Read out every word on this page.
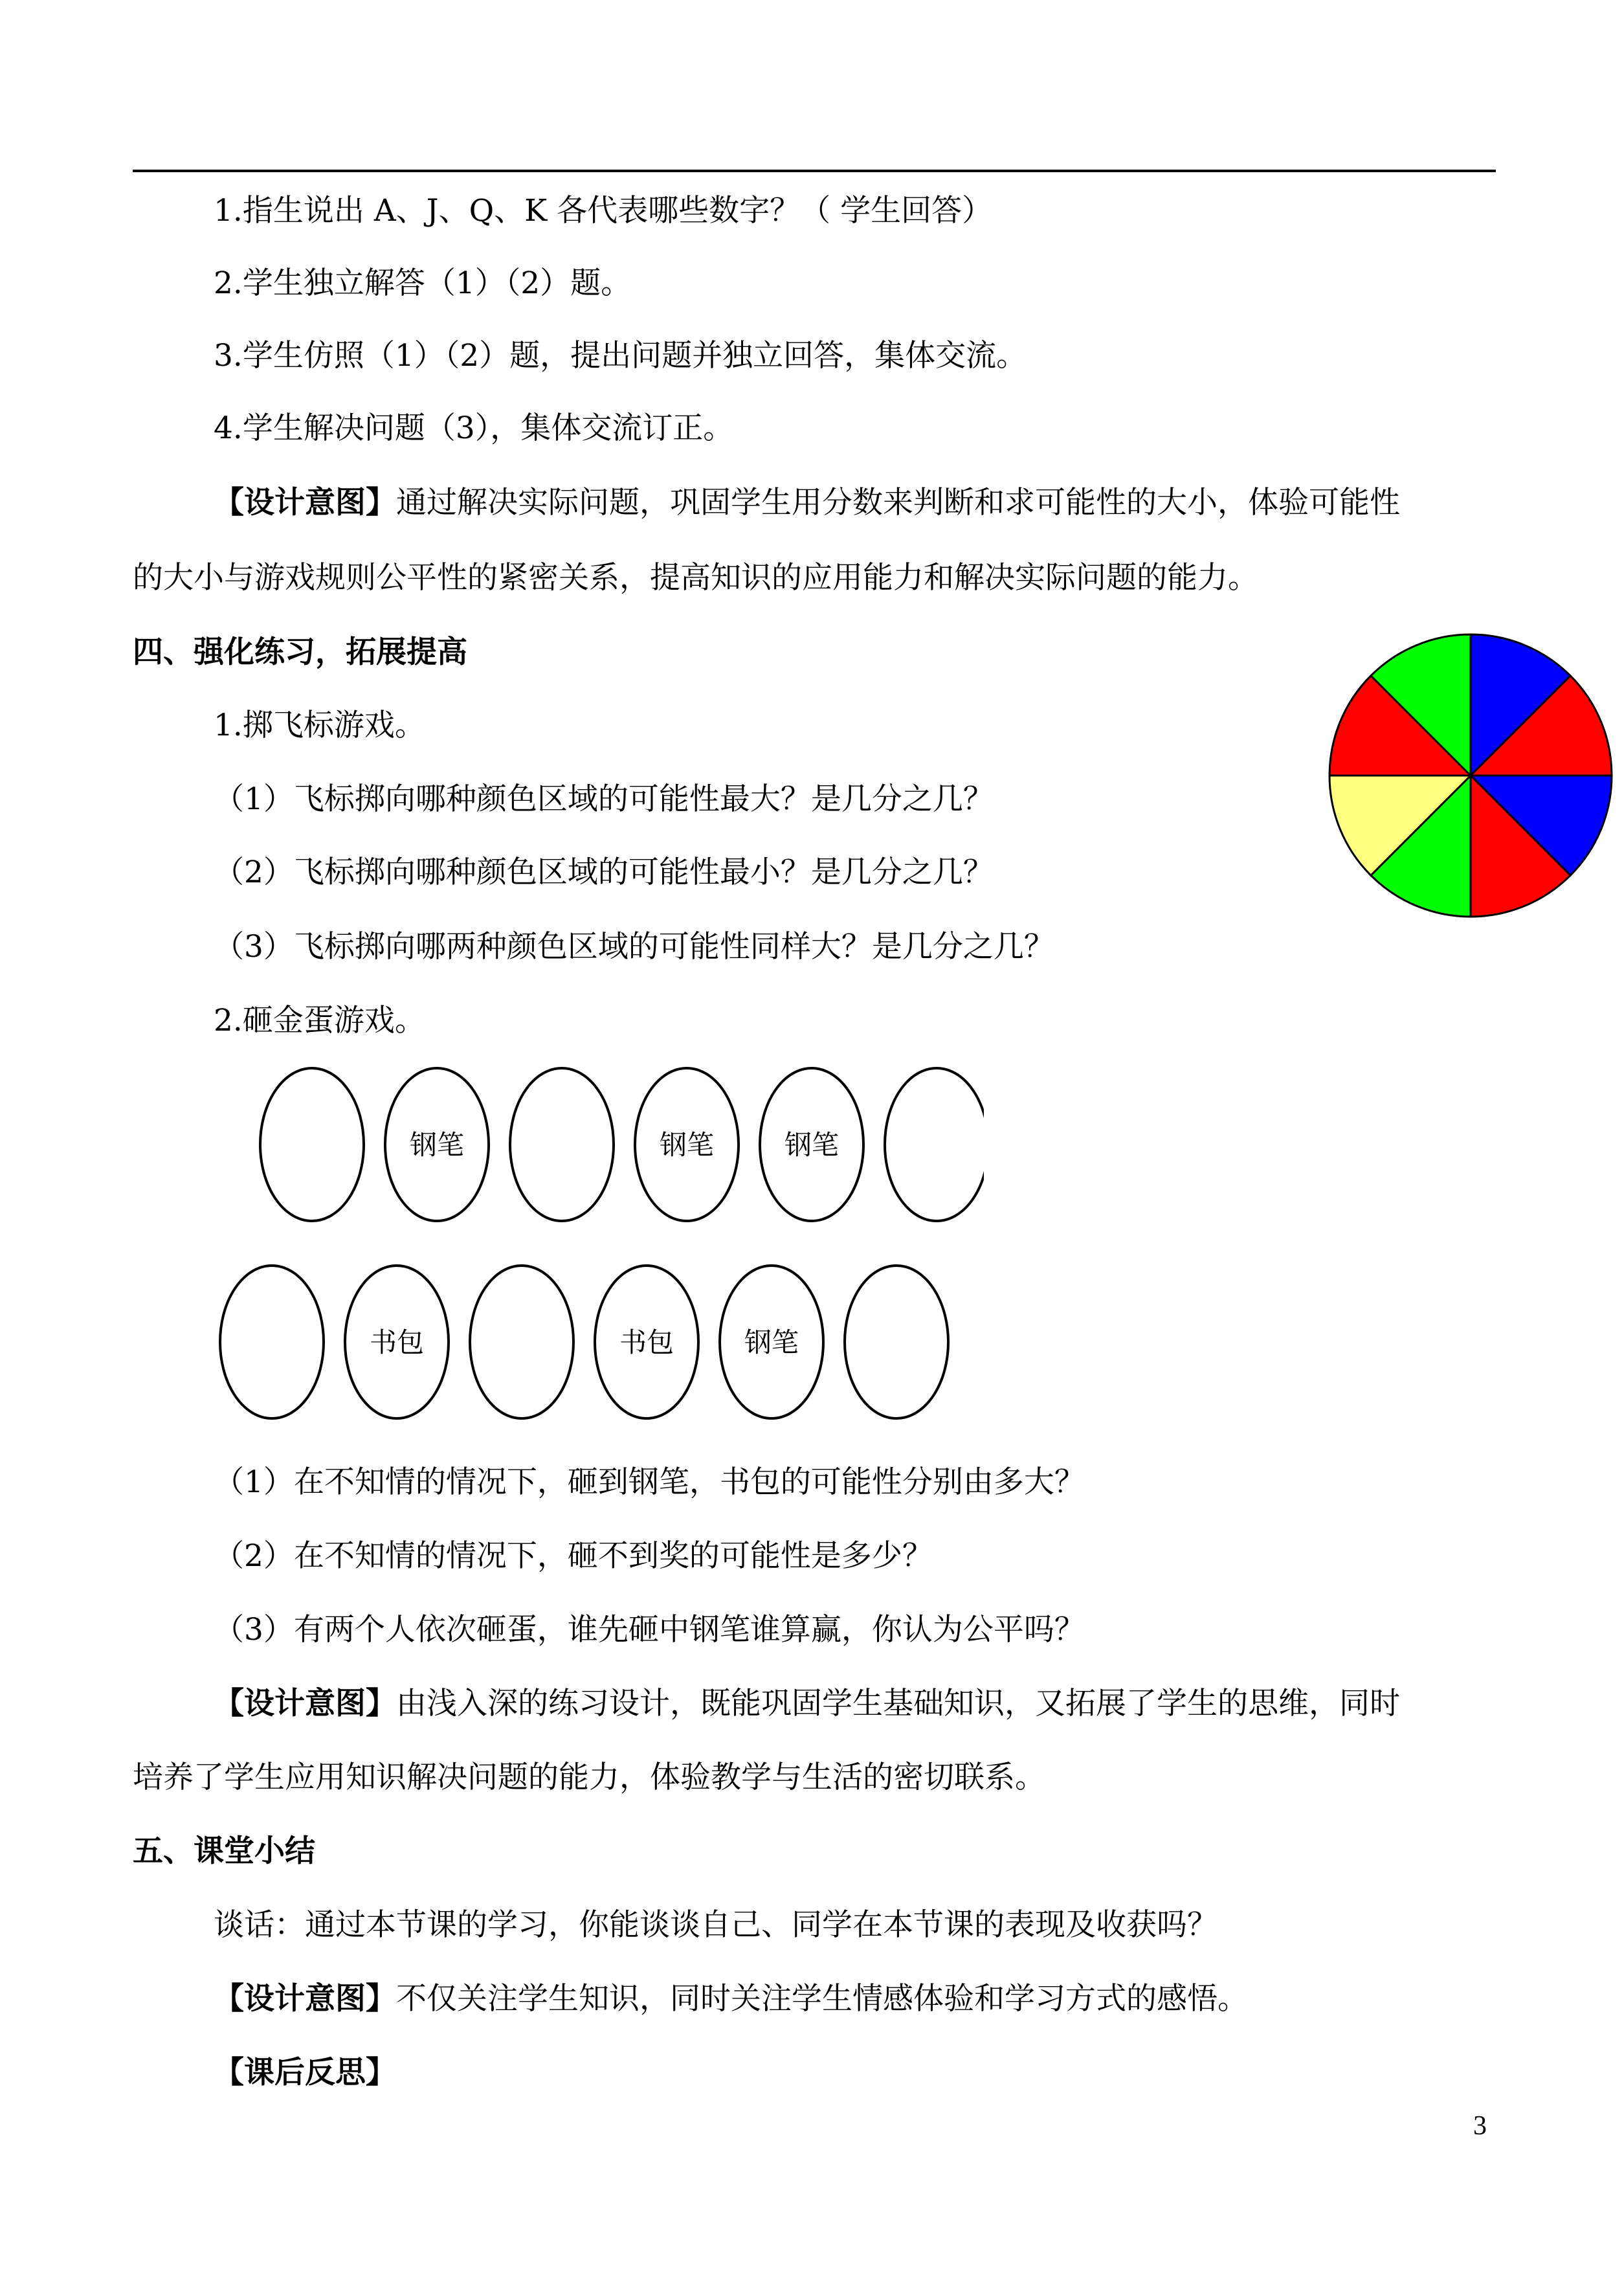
1.指生说出 A、J、Q、K 各代表哪些数字？（ 学生回答）
2.学生独立解答（1）（2）题。
3.学生仿照（1）（2）题，提出问题并独立回答，集体交流。
4.学生解决问题（3），集体交流订正。
【设计意图】通过解决实际问题，巩固学生用分数来判断和求可能性的大小，体验可能性
的大小与游戏规则公平性的紧密关系，提高知识的应用能力和解决实际问题的能力。
四、强化练习，拓展提高
1.掷飞标游戏。
（1）飞标掷向哪种颜色区域的可能性最大？是几分之几？
（2）飞标掷向哪种颜色区域的可能性最小？是几分之几？
（3）飞标掷向哪两种颜色区域的可能性同样大？是几分之几？
2.砸金蛋游戏。
钢笔	钢笔	钢笔
书包	书包	钢笔
（1）在不知情的情况下，砸到钢笔，书包的可能性分别由多大？
（2）在不知情的情况下，砸不到奖的可能性是多少？
（3）有两个人依次砸蛋，谁先砸中钢笔谁算赢，你认为公平吗？
【设计意图】由浅入深的练习设计，既能巩固学生基础知识，又拓展了学生的思维，同时
培养了学生应用知识解决问题的能力，体验教学与生活的密切联系。
五、课堂小结
谈话：通过本节课的学习，你能谈谈自己、同学在本节课的表现及收获吗？
【设计意图】不仅关注学生知识，同时关注学生情感体验和学习方式的感悟。
【课后反思】
3
